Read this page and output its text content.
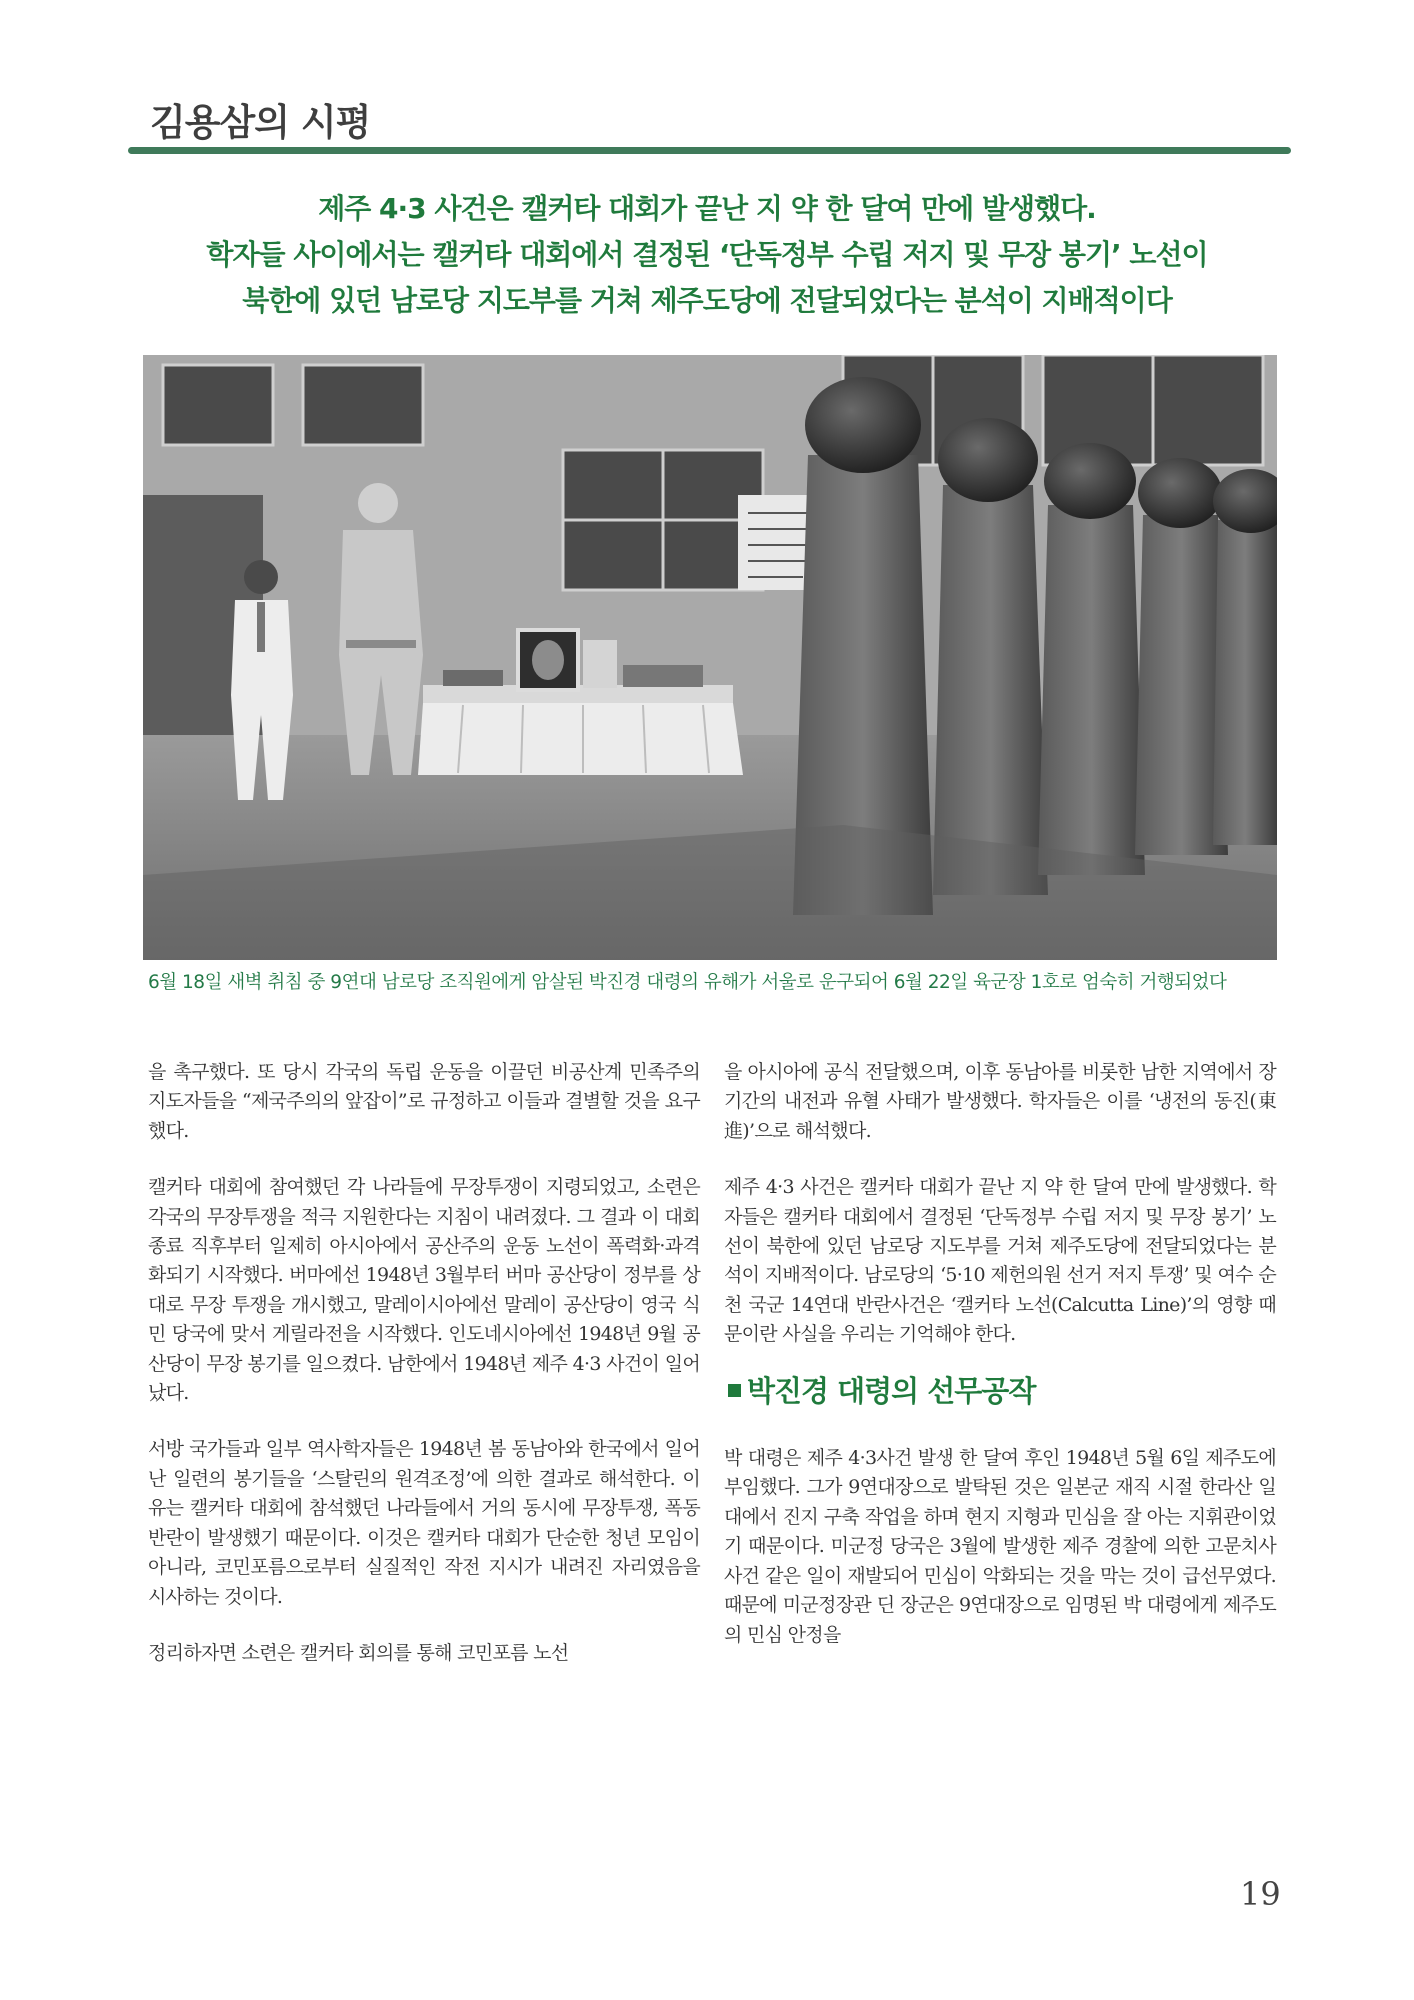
김용삼의 시평
제주 4·3 사건은 캘커타 대회가 끝난 지 약 한 달여 만에 발생했다.
학자들 사이에서는 캘커타 대회에서 결정된 ‘단독정부 수립 저지 및 무장 봉기’ 노선이
북한에 있던 남로당 지도부를 거쳐 제주도당에 전달되었다는 분석이 지배적이다
6월 18일 새벽 취침 중 9연대 남로당 조직원에게 암살된 박진경 대령의 유해가 서울로 운구되어 6월 22일 육군장 1호로 엄숙히 거행되었다

을 촉구했다. 또 당시 각국의 독립 운동을 이끌던 비공산계 민족주의 지도자들을 “제국주의의 앞잡이”로 규정하고 이들과 결별할 것을 요구했다.

캘커타 대회에 참여했던 각 나라들에 무장투쟁이 지령되었고, 소련은 각국의 무장투쟁을 적극 지원한다는 지침이 내려졌다. 그 결과 이 대회 종료 직후부터 일제히 아시아에서 공산주의 운동 노선이 폭력화·과격화되기 시작했다. 버마에선 1948년 3월부터 버마 공산당이 정부를 상대로 무장 투쟁을 개시했고, 말레이시아에선 말레이 공산당이 영국 식민 당국에 맞서 게릴라전을 시작했다. 인도네시아에선 1948년 9월 공산당이 무장 봉기를 일으켰다. 남한에서 1948년 제주 4·3 사건이 일어났다.

서방 국가들과 일부 역사학자들은 1948년 봄 동남아와 한국에서 일어난 일련의 봉기들을 ‘스탈린의 원격조정’에 의한 결과로 해석한다. 이유는 캘커타 대회에 참석했던 나라들에서 거의 동시에 무장투쟁, 폭동 반란이 발생했기 때문이다. 이것은 캘커타 대회가 단순한 청년 모임이 아니라, 코민포름으로부터 실질적인 작전 지시가 내려진 자리였음을 시사하는 것이다.

정리하자면 소련은 캘커타 회의를 통해 코민포름 노선

을 아시아에 공식 전달했으며, 이후 동남아를 비롯한 남한 지역에서 장기간의 내전과 유혈 사태가 발생했다. 학자들은 이를 ‘냉전의 동진(東進)’으로 해석했다.

제주 4·3 사건은 캘커타 대회가 끝난 지 약 한 달여 만에 발생했다. 학자들은 캘커타 대회에서 결정된 ‘단독정부 수립 저지 및 무장 봉기’ 노선이 북한에 있던 남로당 지도부를 거쳐 제주도당에 전달되었다는 분석이 지배적이다. 남로당의 ‘5·10 제헌의원 선거 저지 투쟁’ 및 여수 순천 국군 14연대 반란사건은 ‘캘커타 노선(Calcutta Line)’의 영향 때문이란 사실을 우리는 기억해야 한다.

박진경 대령의 선무공작

박 대령은 제주 4·3사건 발생 한 달여 후인 1948년 5월 6일 제주도에 부임했다. 그가 9연대장으로 발탁된 것은 일본군 재직 시절 한라산 일대에서 진지 구축 작업을 하며 현지 지형과 민심을 잘 아는 지휘관이었기 때문이다. 미군정 당국은 3월에 발생한 제주 경찰에 의한 고문치사 사건 같은 일이 재발되어 민심이 악화되는 것을 막는 것이 급선무였다. 때문에 미군정장관 딘 장군은 9연대장으로 임명된 박 대령에게 제주도의 민심 안정을

19
